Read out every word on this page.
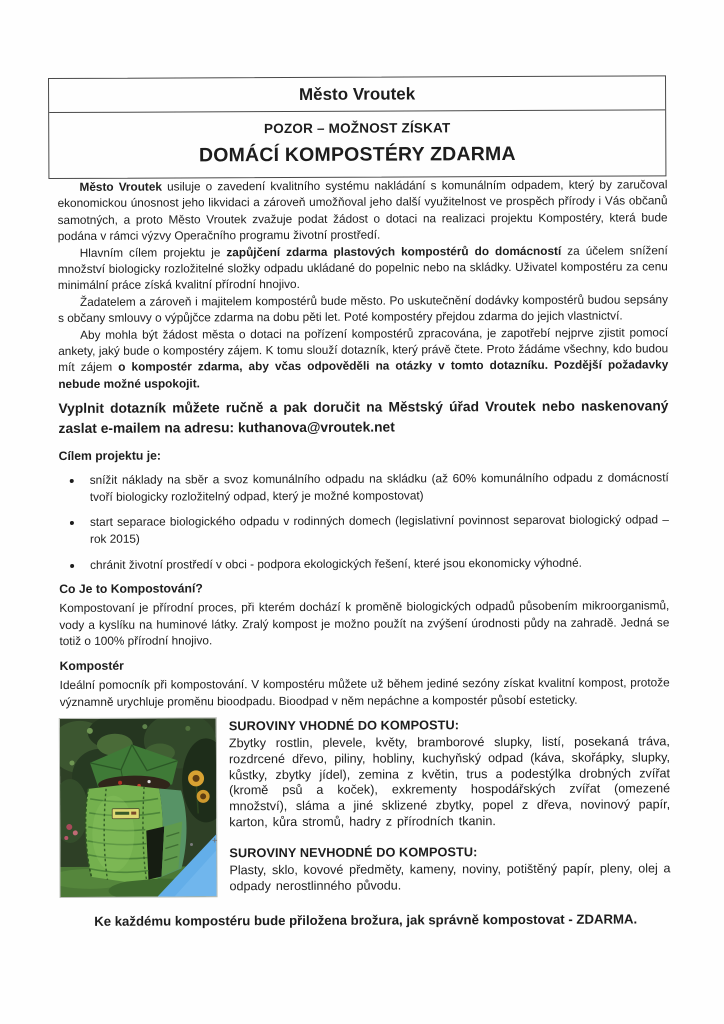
Město Vroutek
POZOR – MOŽNOST ZÍSKAT
DOMÁCÍ KOMPOSTÉRY ZDARMA

Město Vroutek usiluje o zavedení kvalitního systému nakládání s komunálním odpadem, který by zaručoval ekonomickou únosnost jeho likvidaci a zároveň umožňoval jeho další využitelnost ve prospěch přírody i Vás občanů samotných, a proto Město Vroutek zvažuje podat žádost o dotaci na realizaci projektu Kompostéry, která bude podána v rámci výzvy Operačního programu životní prostředí.

Hlavním cílem projektu je zapůjčení zdarma plastových kompostérů do domácností za účelem snížení množství biologicky rozložitelné složky odpadu ukládané do popelnic nebo na skládky. Uživatel kompostéru za cenu minimální práce získá kvalitní přírodní hnojivo.

Žadatelem a zároveň i majitelem kompostérů bude město. Po uskutečnění dodávky kompostérů budou sepsány s občany smlouvy o výpůjčce zdarma na dobu pěti let. Poté kompostéry přejdou zdarma do jejich vlastnictví.

Aby mohla být žádost města o dotaci na pořízení kompostérů zpracována, je zapotřebí nejprve zjistit pomocí ankety, jaký bude o kompostéry zájem. K tomu slouží dotazník, který právě čtete. Proto žádáme všechny, kdo budou mít zájem o kompostér zdarma, aby včas odpověděli na otázky v tomto dotazníku. Pozdější požadavky nebude možné uspokojit.

Vyplnit dotazník můžete ručně a pak doručit na Městský úřad Vroutek nebo naskenovaný zaslat e-mailem na adresu: kuthanova@vroutek.net

Cílem projektu je:

• snížit náklady na sběr a svoz komunálního odpadu na skládku (až 60% komunálního odpadu z domácností tvoří biologicky rozložitelný odpad, který je možné kompostovat)
• start separace biologického odpadu v rodinných domech (legislativní povinnost separovat biologický odpad – rok 2015)
• chránit životní prostředí v obci - podpora ekologických řešení, které jsou ekonomicky výhodné.

Co Je to Kompostování?

Kompostovaní je přírodní proces, při kterém dochází k proměně biologických odpadů působením mikroorganismů, vody a kyslíku na huminové látky. Zralý kompost je možno použít na zvýšení úrodnosti půdy na zahradě. Jedná se totiž o 100% přírodní hnojivo.

Kompostér

Ideální pomocník při kompostování. V kompostéru můžete už během jediné sezóny získat kvalitní kompost, protože významně urychluje proměnu bioodpadu. Bioodpad v něm nepáchne a kompostér působí esteticky.

SUROVINY VHODNÉ DO KOMPOSTU:

Zbytky rostlin, plevele, květy, bramborové slupky, listí, posekaná tráva, rozdrcené dřevo, piliny, hobliny, kuchyňský odpad (káva, skořápky, slupky, kůstky, zbytky jídel), zemina z květin, trus a podestýlka drobných zvířat (kromě psů a koček), exkrementy hospodářských zvířat (omezené množství), sláma a jiné sklizené zbytky, popel z dřeva, novinový papír, karton, kůra stromů, hadry z přírodních tkanin.

SUROVINY NEVHODNÉ DO KOMPOSTU:

Plasty, sklo, kovové předměty, kameny, noviny, potištěný papír, pleny, olej a odpady nerostlinného původu.

Ke každému kompostéru bude přiložena brožura, jak správně kompostovat - ZDARMA.

+
